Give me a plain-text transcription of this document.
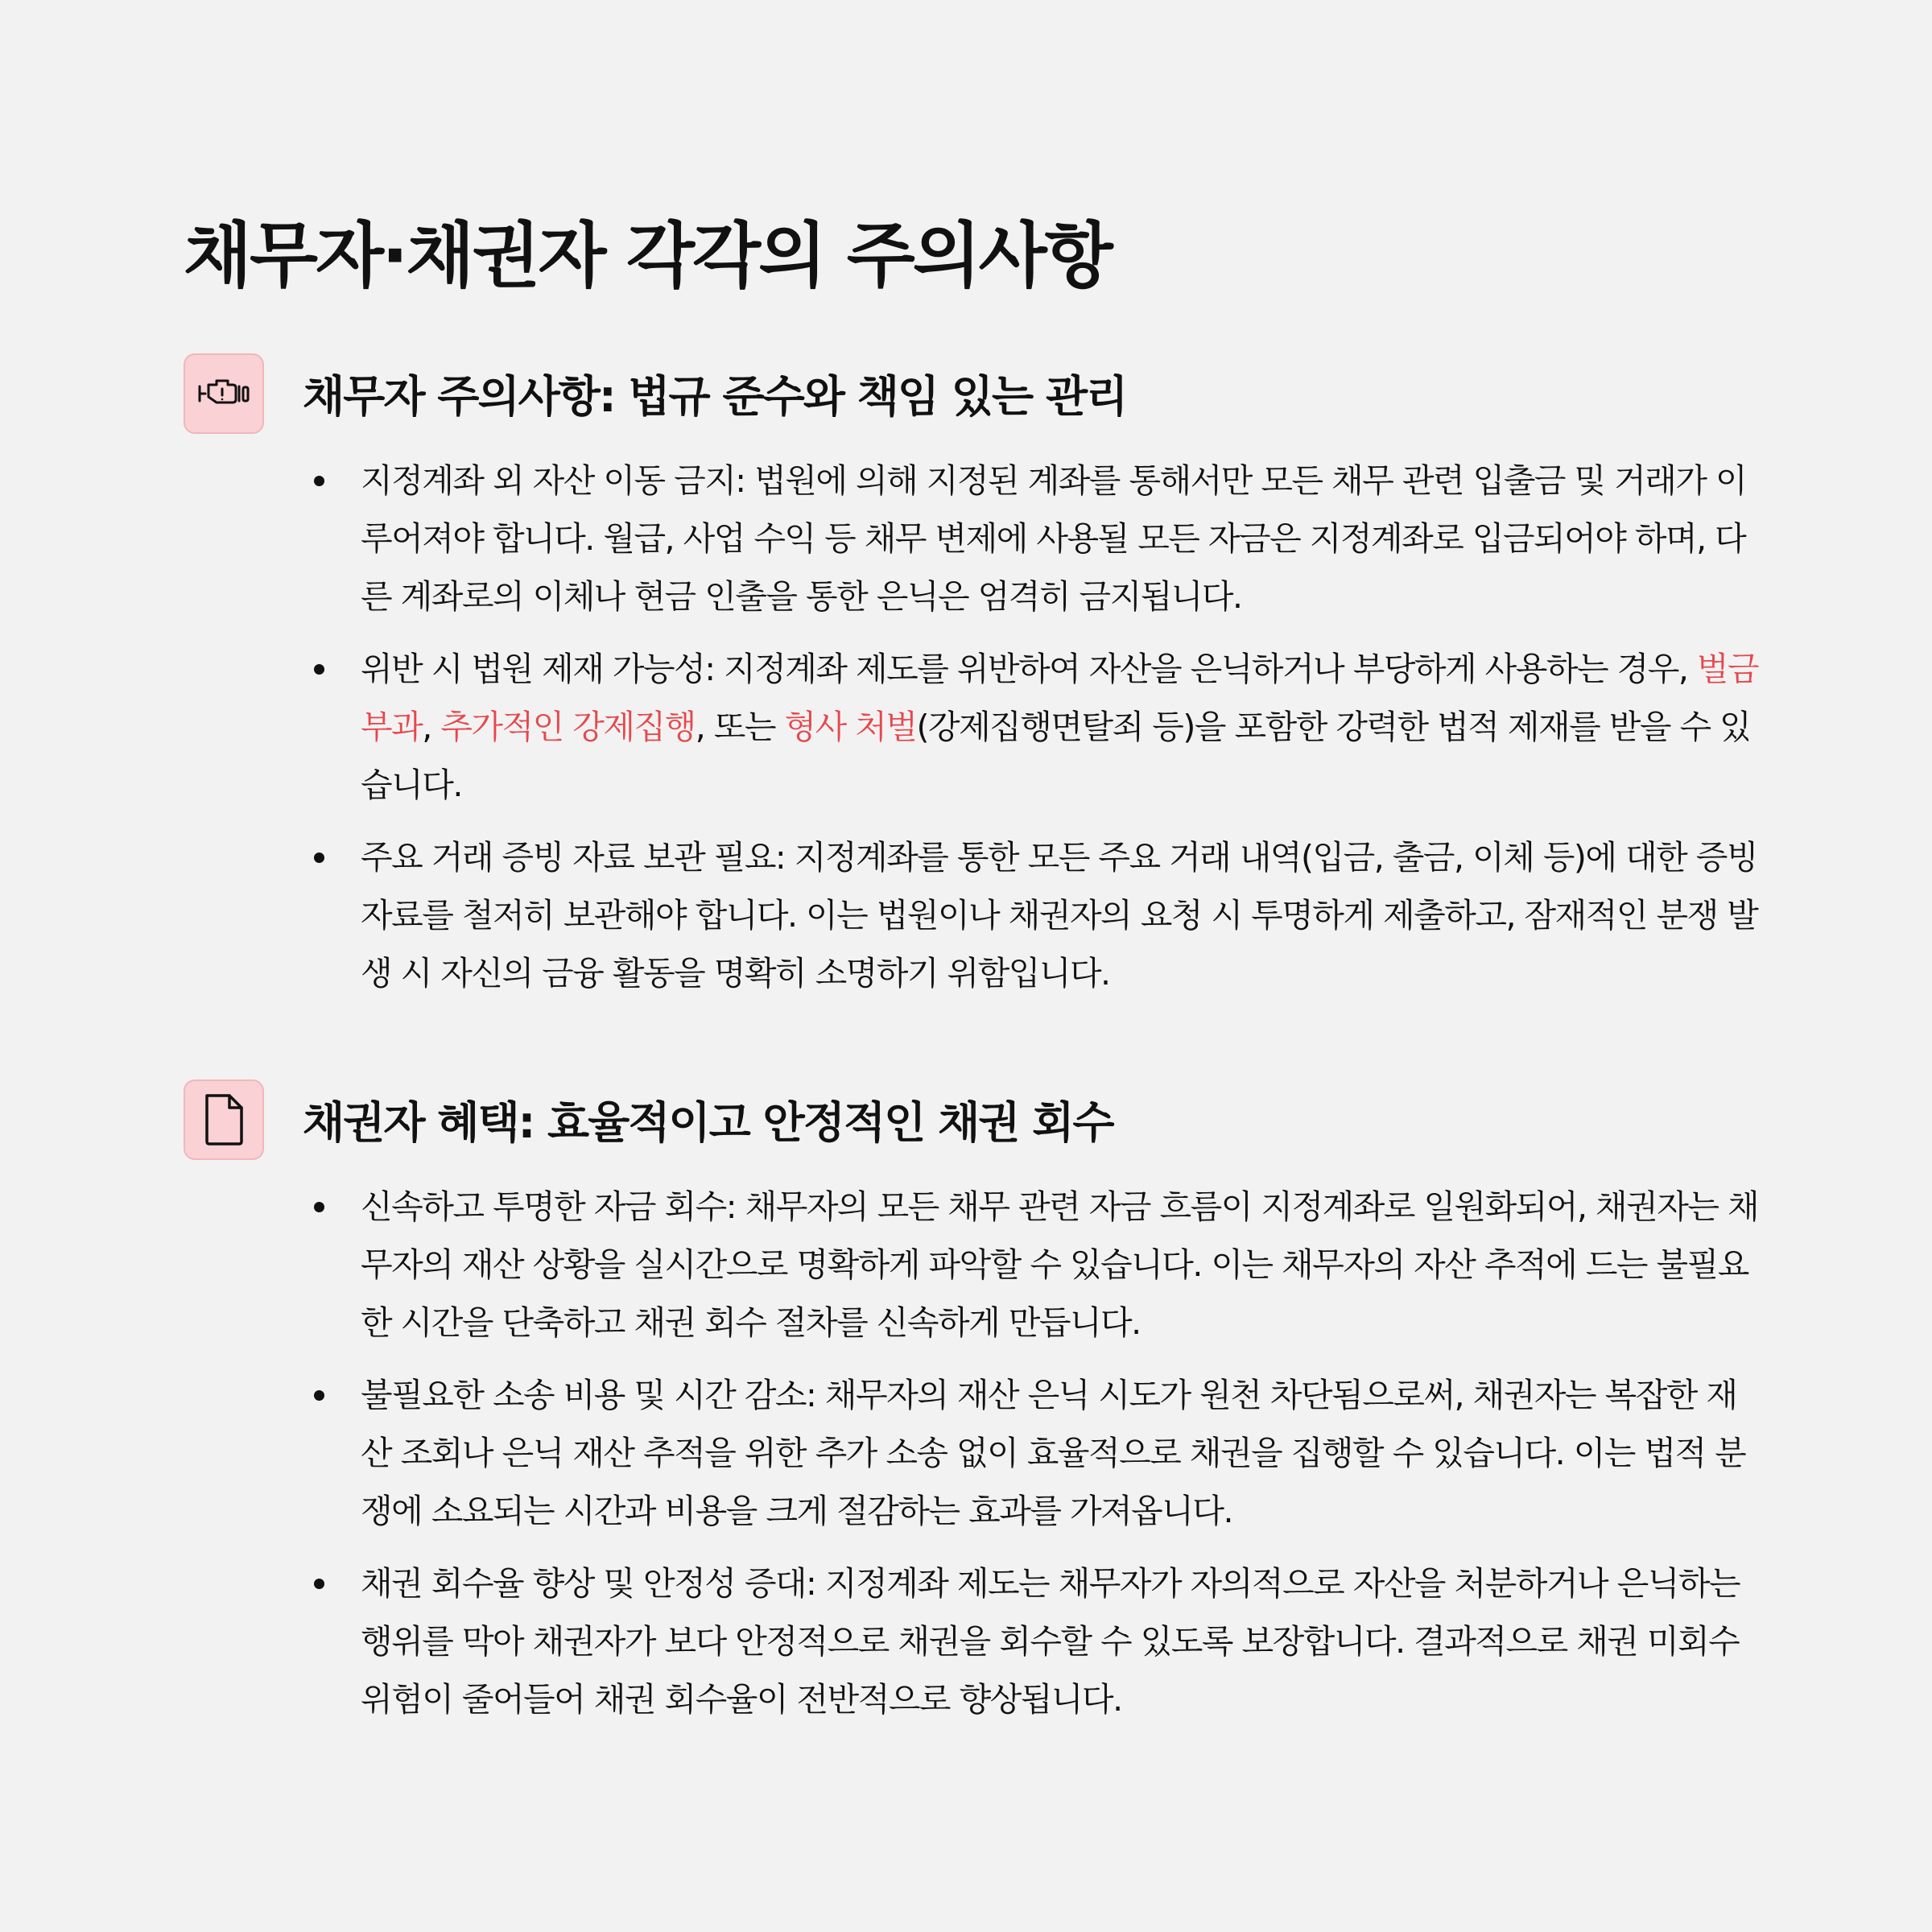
채무자·채권자 각각의 주의사항
채무자 주의사항: 법규 준수와 책임 있는 관리
지정계좌 외 자산 이동 금지: 법원에 의해 지정된 계좌를 통해서만 모든 채무 관련 입출금 및 거래가 이루어져야 합니다. 월급, 사업 수익 등 채무 변제에 사용될 모든 자금은 지정계좌로 입금되어야 하며, 다른 계좌로의 이체나 현금 인출을 통한 은닉은 엄격히 금지됩니다.
위반 시 법원 제재 가능성: 지정계좌 제도를 위반하여 자산을 은닉하거나 부당하게 사용하는 경우, 벌금 부과, 추가적인 강제집행, 또는 형사 처벌(강제집행면탈죄 등)을 포함한 강력한 법적 제재를 받을 수 있습니다.
주요 거래 증빙 자료 보관 필요: 지정계좌를 통한 모든 주요 거래 내역(입금, 출금, 이체 등)에 대한 증빙 자료를 철저히 보관해야 합니다. 이는 법원이나 채권자의 요청 시 투명하게 제출하고, 잠재적인 분쟁 발생 시 자신의 금융 활동을 명확히 소명하기 위함입니다.
채권자 혜택: 효율적이고 안정적인 채권 회수
신속하고 투명한 자금 회수: 채무자의 모든 채무 관련 자금 흐름이 지정계좌로 일원화되어, 채권자는 채무자의 재산 상황을 실시간으로 명확하게 파악할 수 있습니다. 이는 채무자의 자산 추적에 드는 불필요한 시간을 단축하고 채권 회수 절차를 신속하게 만듭니다.
불필요한 소송 비용 및 시간 감소: 채무자의 재산 은닉 시도가 원천 차단됨으로써, 채권자는 복잡한 재산 조회나 은닉 재산 추적을 위한 추가 소송 없이 효율적으로 채권을 집행할 수 있습니다. 이는 법적 분쟁에 소요되는 시간과 비용을 크게 절감하는 효과를 가져옵니다.
채권 회수율 향상 및 안정성 증대: 지정계좌 제도는 채무자가 자의적으로 자산을 처분하거나 은닉하는 행위를 막아 채권자가 보다 안정적으로 채권을 회수할 수 있도록 보장합니다. 결과적으로 채권 미회수 위험이 줄어들어 채권 회수율이 전반적으로 향상됩니다.
